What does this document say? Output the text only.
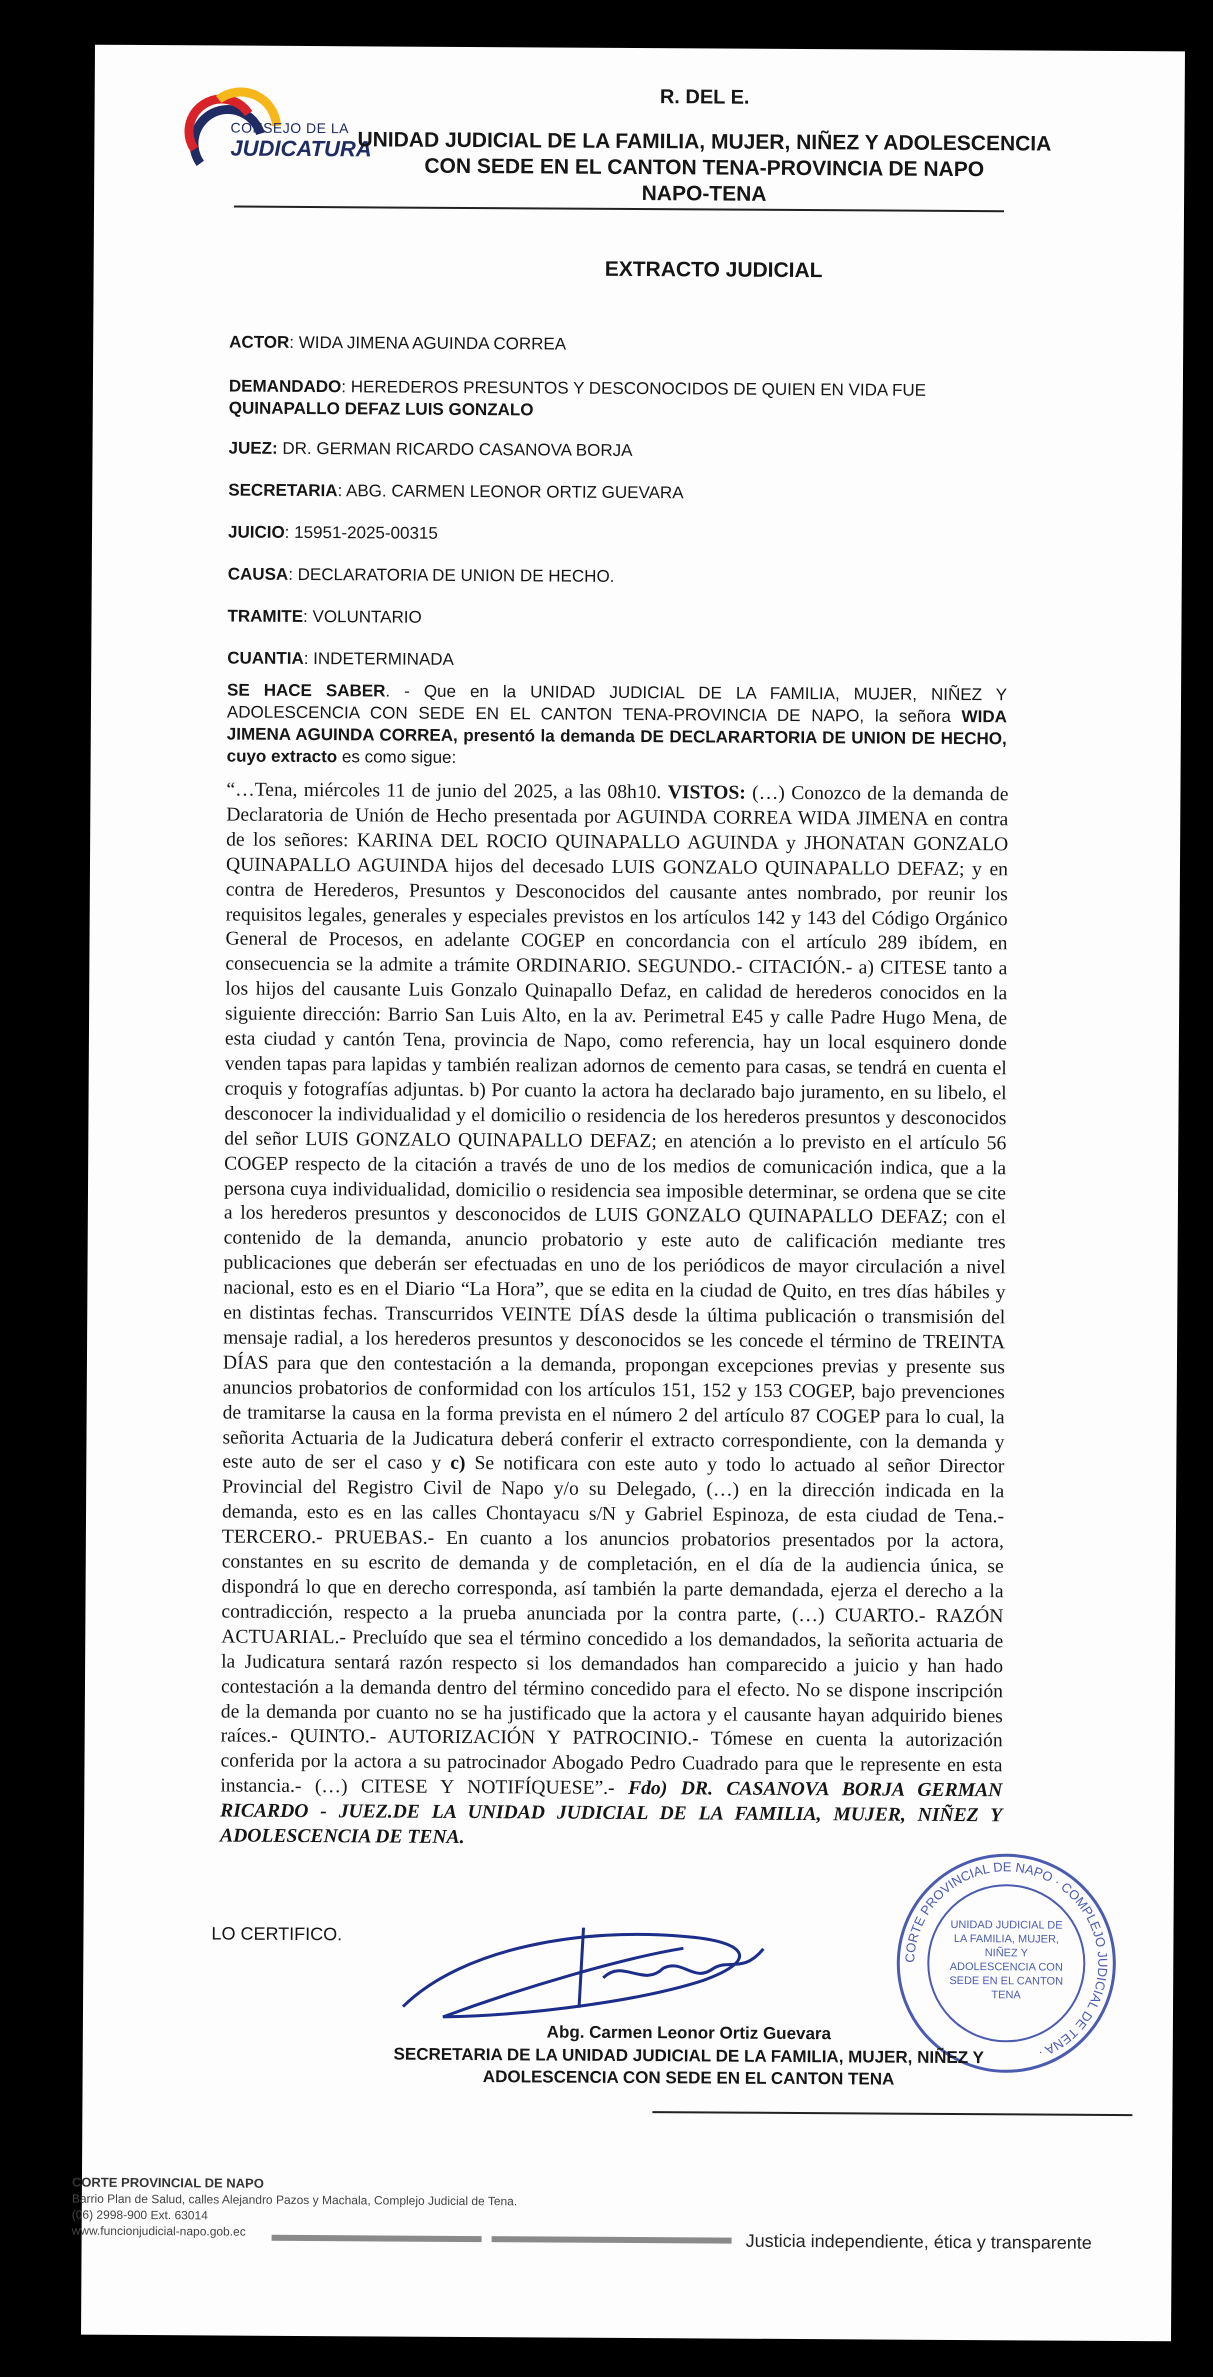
CONSEJO DE LA
JUDICATURA
R. DEL E.
UNIDAD JUDICIAL DE LA FAMILIA, MUJER, NIÑEZ Y ADOLESCENCIA
CON SEDE EN EL CANTON TENA-PROVINCIA DE NAPO
NAPO-TENA
EXTRACTO JUDICIAL
ACTOR: WIDA JIMENA AGUINDA CORREA
DEMANDADO: HEREDEROS PRESUNTOS Y DESCONOCIDOS DE QUIEN EN VIDA FUE
QUINAPALLO DEFAZ LUIS GONZALO
JUEZ: DR. GERMAN RICARDO CASANOVA BORJA
SECRETARIA: ABG. CARMEN LEONOR ORTIZ GUEVARA
JUICIO: 15951-2025-00315
CAUSA: DECLARATORIA DE UNION DE HECHO.
TRAMITE: VOLUNTARIO
CUANTIA: INDETERMINADA
SE HACE SABER. - Que en la UNIDAD JUDICIAL DE LA FAMILIA, MUJER, NIÑEZ Y ADOLESCENCIA CON SEDE EN EL CANTON TENA-PROVINCIA DE NAPO, la señora WIDA JIMENA AGUINDA CORREA, presentó la demanda DE DECLARARTORIA DE UNION DE HECHO, cuyo extracto es como sigue:
“…Tena, miércoles 11 de junio del 2025, a las 08h10. VISTOS: (…) Conozco de la demanda de Declaratoria de Unión de Hecho presentada por AGUINDA CORREA WIDA JIMENA en contra de los señores: KARINA DEL ROCIO QUINAPALLO AGUINDA y JHONATAN GONZALO QUINAPALLO AGUINDA hijos del decesado LUIS GONZALO QUINAPALLO DEFAZ; y en contra de Herederos, Presuntos y Desconocidos del causante antes nombrado, por reunir los requisitos legales, generales y especiales previstos en los artículos 142 y 143 del Código Orgánico General de Procesos, en adelante COGEP en concordancia con el artículo 289 ibídem, en consecuencia se la admite a trámite ORDINARIO. SEGUNDO.- CITACIÓN.- a) CITESE tanto a los hijos del causante Luis Gonzalo Quinapallo Defaz, en calidad de herederos conocidos en la siguiente dirección: Barrio San Luis Alto, en la av. Perimetral E45 y calle Padre Hugo Mena, de esta ciudad y cantón Tena, provincia de Napo, como referencia, hay un local esquinero donde venden tapas para lapidas y también realizan adornos de cemento para casas, se tendrá en cuenta el croquis y fotografías adjuntas. b) Por cuanto la actora ha declarado bajo juramento, en su libelo, el desconocer la individualidad y el domicilio o residencia de los herederos presuntos y desconocidos del señor LUIS GONZALO QUINAPALLO DEFAZ; en atención a lo previsto en el artículo 56 COGEP respecto de la citación a través de uno de los medios de comunicación indica, que a la persona cuya individualidad, domicilio o residencia sea imposible determinar, se ordena que se cite a los herederos presuntos y desconocidos de LUIS GONZALO QUINAPALLO DEFAZ; con el contenido de la demanda, anuncio probatorio y este auto de calificación mediante tres publicaciones que deberán ser efectuadas en uno de los periódicos de mayor circulación a nivel nacional, esto es en el Diario “La Hora”, que se edita en la ciudad de Quito, en tres días hábiles y en distintas fechas. Transcurridos VEINTE DÍAS desde la última publicación o transmisión del mensaje radial, a los herederos presuntos y desconocidos se les concede el término de TREINTA DÍAS para que den contestación a la demanda, propongan excepciones previas y presente sus anuncios probatorios de conformidad con los artículos 151, 152 y 153 COGEP, bajo prevenciones de tramitarse la causa en la forma prevista en el número 2 del artículo 87 COGEP para lo cual, la señorita Actuaria de la Judicatura deberá conferir el extracto correspondiente, con la demanda y este auto de ser el caso y c) Se notificara con este auto y todo lo actuado al señor Director Provincial del Registro Civil de Napo y/o su Delegado, (…) en la dirección indicada en la demanda, esto es en las calles Chontayacu s/N y Gabriel Espinoza, de esta ciudad de Tena.- TERCERO.- PRUEBAS.- En cuanto a los anuncios probatorios presentados por la actora, constantes en su escrito de demanda y de completación, en el día de la audiencia única, se dispondrá lo que en derecho corresponda, así también la parte demandada, ejerza el derecho a la contradicción, respecto a la prueba anunciada por la contra parte, (…) CUARTO.- RAZÓN ACTUARIAL.- Precluído que sea el término concedido a los demandados, la señorita actuaria de la Judicatura sentará razón respecto si los demandados han comparecido a juicio y han hado contestación a la demanda dentro del término concedido para el efecto. No se dispone inscripción de la demanda por cuanto no se ha justificado que la actora y el causante hayan adquirido bienes raíces.- QUINTO.- AUTORIZACIÓN Y PATROCINIO.- Tómese en cuenta la autorización conferida por la actora a su patrocinador Abogado Pedro Cuadrado para que le represente en esta instancia.- (…) CITESE Y NOTIFÍQUESE”.- Fdo) DR. CASANOVA BORJA GERMAN RICARDO - JUEZ.DE LA UNIDAD JUDICIAL DE LA FAMILIA, MUJER, NIÑEZ Y ADOLESCENCIA DE TENA.
LO CERTIFICO.
CORTE PROVINCIAL DE NAPO · COMPLEJO JUDICIAL DE TENA ·
UNIDAD JUDICIAL DE LA FAMILIA, MUJER, NIÑEZ Y ADOLESCENCIA CON SEDE EN EL CANTON TENA
Abg. Carmen Leonor Ortiz Guevara
SECRETARIA DE LA UNIDAD JUDICIAL DE LA FAMILIA, MUJER, NIÑEZ Y
ADOLESCENCIA CON SEDE EN EL CANTON TENA
CORTE PROVINCIAL DE NAPO
Barrio Plan de Salud, calles Alejandro Pazos y Machala, Complejo Judicial de Tena.
(06) 2998-900 Ext. 63014
www.funcionjudicial-napo.gob.ec	Justicia independiente, ética y transparente
